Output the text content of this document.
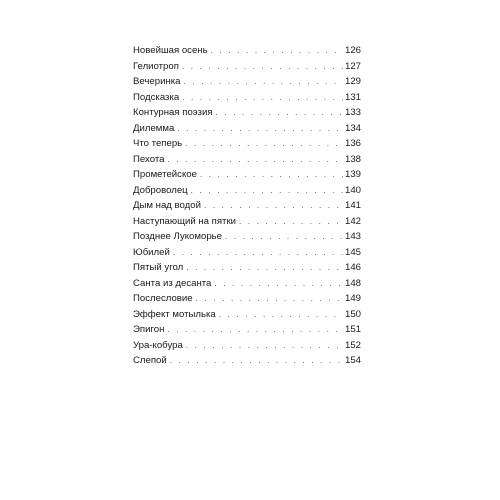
Новейшая осень . . .	126
Гелиотроп . . .	127
Вечеринка . . .	129
Подсказка . . .	131
Контурная поэзия . . .	133
Дилемма . . .	134
Что теперь . . .	136
Пехота . . .	138
Прометейское . . .	139
Доброволец . . .	140
Дым над водой . . .	141
Наступающий на пятки . . .	142
Позднее Лукоморье . . .	143
Юбилей . . .	145
Пятый угол . . .	146
Санта из десанта . . .	148
Послесловие . . .	149
Эффект мотылька . . .	150
Эпигон . . .	151
Ура-кобура . . .	152
Слепой . . .	154
